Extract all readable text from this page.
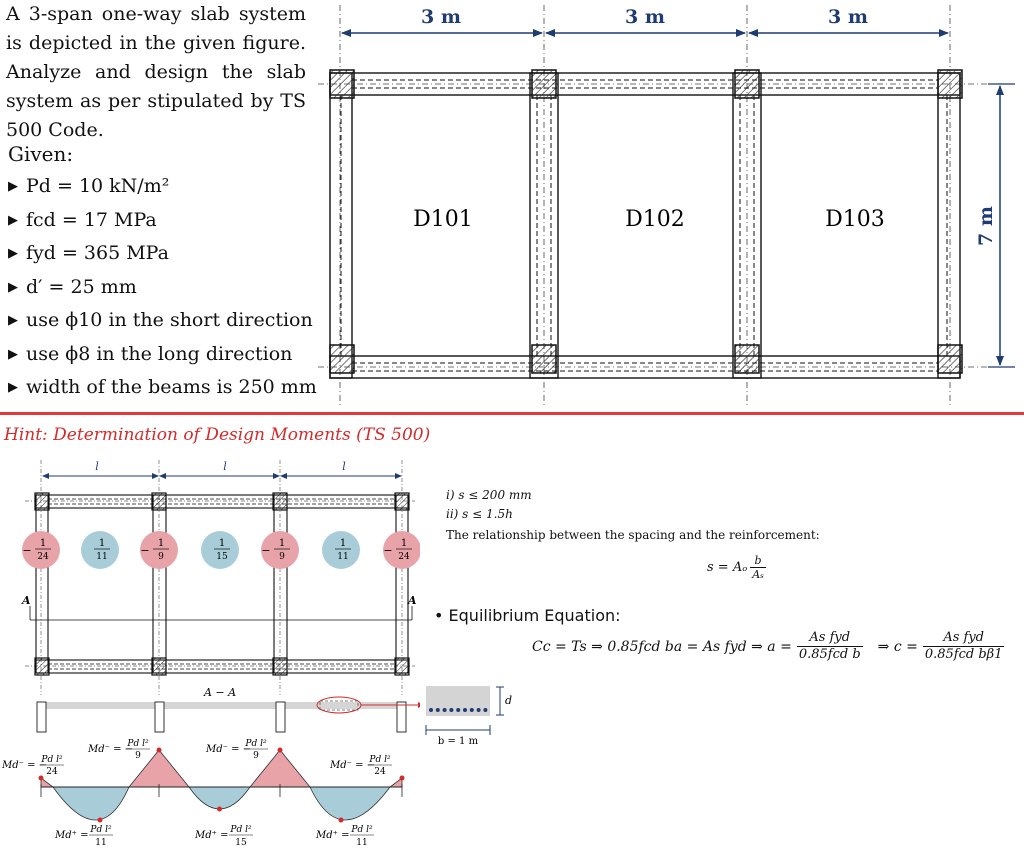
A 3-span one-way slab system is depicted in the given figure. Analyze and design the slab system as per stipulated by TS 500 Code.
Given:
▶ Pd = 10 kN/m²
▶ fcd = 17 MPa
▶ fyd = 365 MPa
▶ d′ = 25 mm
▶ use ϕ10 in the short direction
▶ use ϕ8 in the long direction
▶ width of the beams is 250 mm
3 m	3 m	3 m
7 m
D101	D102	D103
Hint: Determination of Design Moments (TS 500)
l	l	l
−
1
24
1
11	−
1
9
1
15	−
1
9
1
11	−
1
24
A	A
A − A
Md⁻ = −
Pd l²
24
Md⁻ = −
Pd l²
9
Md⁻ = −
Pd l²
9
Md⁻ = −
Pd l²
24
Md⁺ = Pd l²
11
Md⁺ = Pd l²
15
Md⁺ = Pd l²
11
d
b = 1 m
i) s ≤ 200 mm
ii) s ≤ 1.5h
The relationship between the spacing and the reinforcement:
s = Aₒ b
Aₛ
• Equilibrium Equation:
Cc = Ts ⇒ 0.85fcd ba = As fyd ⇒ a =
As fyd
0.85fcd b ⇒ c =
As fyd
0.85fcd bβ1
